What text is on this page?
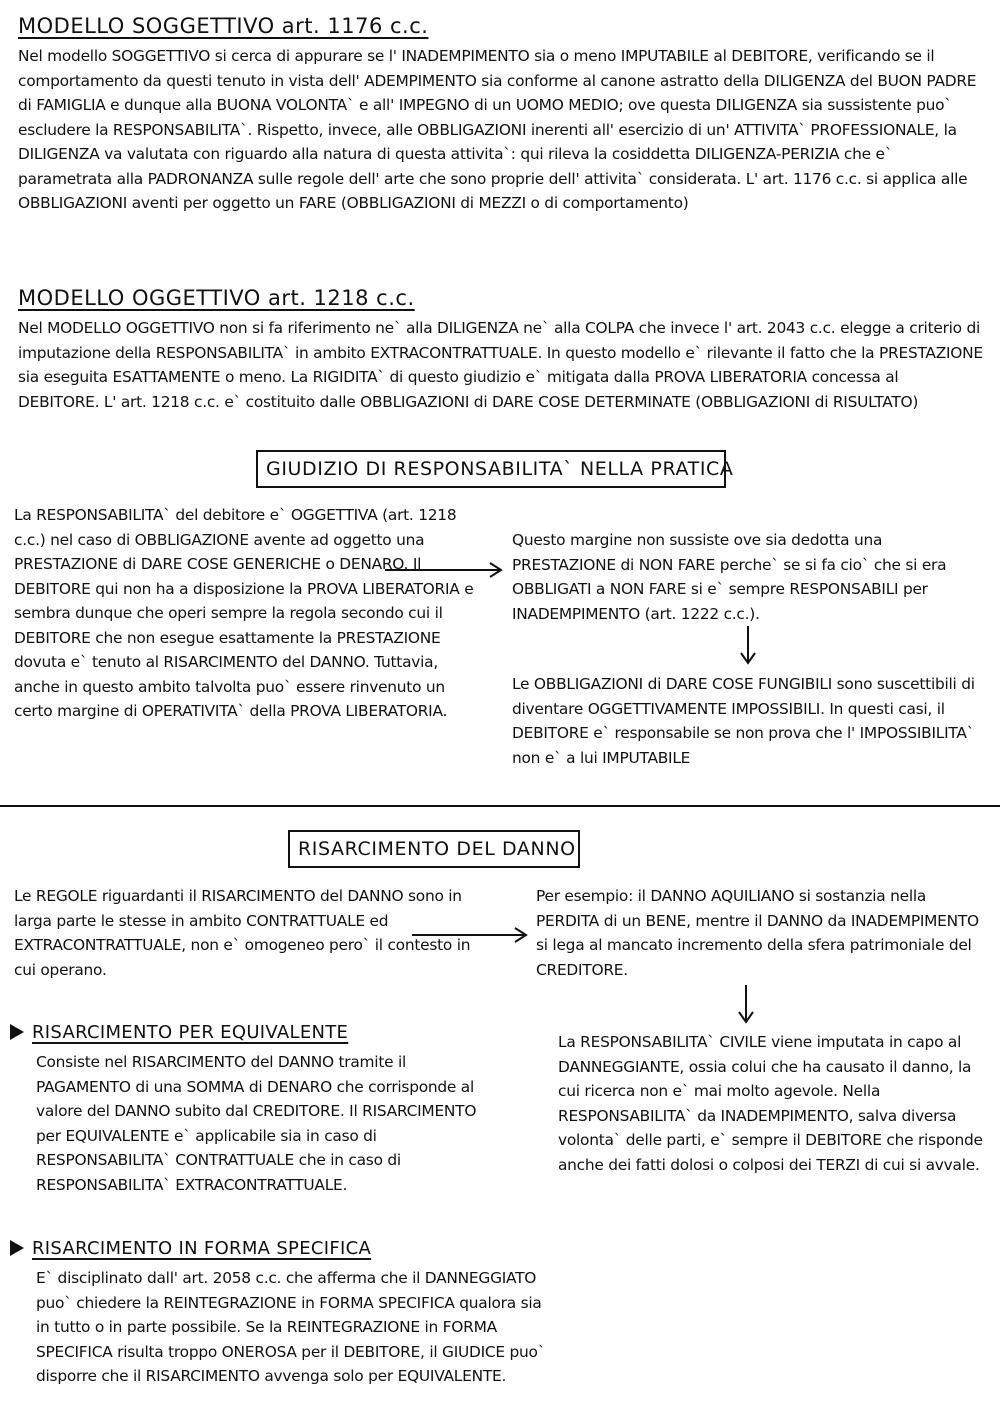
MODELLO SOGGETTIVO art. 1176 c.c.
Nel modello SOGGETTIVO si cerca di appurare se l' INADEMPIMENTO sia o meno IMPUTABILE al DEBITORE, verificando se il comportamento da questi tenuto in vista dell' ADEMPIMENTO sia conforme al canone astratto della DILIGENZA del BUON PADRE di FAMIGLIA e dunque alla BUONA VOLONTA` e all' IMPEGNO di un UOMO MEDIO; ove questa DILIGENZA sia sussistente puo` escludere la RESPONSABILITA`. Rispetto, invece, alle OBBLIGAZIONI inerenti all' esercizio di un' ATTIVITA` PROFESSIONALE, la DILIGENZA va valutata con riguardo alla natura di questa attivita`: qui rileva la cosiddetta DILIGENZA-PERIZIA che e` parametrata alla PADRONANZA sulle regole dell' arte che sono proprie dell' attivita` considerata. L' art. 1176 c.c. si applica alle OBBLIGAZIONI aventi per oggetto un FARE (OBBLIGAZIONI di MEZZI o di comportamento)
MODELLO OGGETTIVO art. 1218 c.c.
Nel MODELLO OGGETTIVO non si fa riferimento ne` alla DILIGENZA ne` alla COLPA che invece l' art. 2043 c.c. elegge a criterio di imputazione della RESPONSABILITA` in ambito EXTRACONTRATTUALE. In questo modello e` rilevante il fatto che la PRESTAZIONE sia eseguita ESATTAMENTE o meno. La RIGIDITA` di questo giudizio e` mitigata dalla PROVA LIBERATORIA concessa al DEBITORE. L' art. 1218 c.c. e` costituito dalle OBBLIGAZIONI di DARE COSE DETERMINATE (OBBLIGAZIONI di RISULTATO)
GIUDIZIO DI RESPONSABILITA` NELLA PRATICA
La RESPONSABILITA` del debitore e` OGGETTIVA (art. 1218 c.c.) nel caso di OBBLIGAZIONE avente ad oggetto una PRESTAZIONE di DARE COSE GENERICHE o DENARO. Il DEBITORE qui non ha a disposizione la PROVA LIBERATORIA e sembra dunque che operi sempre la regola secondo cui il DEBITORE che non esegue esattamente la PRESTAZIONE dovuta e` tenuto al RISARCIMENTO del DANNO. Tuttavia, anche in questo ambito talvolta puo` essere rinvenuto un certo margine di OPERATIVITA` della PROVA LIBERATORIA.
Questo margine non sussiste ove sia dedotta una PRESTAZIONE di NON FARE perche` se si fa cio` che si era OBBLIGATI a NON FARE si e` sempre RESPONSABILI per INADEMPIMENTO (art. 1222 c.c.).
Le OBBLIGAZIONI di DARE COSE FUNGIBILI sono suscettibili di diventare OGGETTIVAMENTE IMPOSSIBILI. In questi casi, il DEBITORE e` responsabile se non prova che l' IMPOSSIBILITA` non e` a lui IMPUTABILE
RISARCIMENTO DEL DANNO
Le REGOLE riguardanti il RISARCIMENTO del DANNO sono in larga parte le stesse in ambito CONTRATTUALE ed EXTRACONTRATTUALE, non e` omogeneo pero` il contesto in cui operano.
Per esempio: il DANNO AQUILIANO si sostanzia nella PERDITA di un BENE, mentre il DANNO da INADEMPIMENTO si lega al mancato incremento della sfera patrimoniale del CREDITORE.
La RESPONSABILITA` CIVILE viene imputata in capo al DANNEGGIANTE, ossia colui che ha causato il danno, la cui ricerca non e` mai molto agevole. Nella RESPONSABILITA` da INADEMPIMENTO, salva diversa volonta` delle parti, e` sempre il DEBITORE che risponde anche dei fatti dolosi o colposi dei TERZI di cui si avvale.
RISARCIMENTO PER EQUIVALENTE
Consiste nel RISARCIMENTO del DANNO tramite il PAGAMENTO di una SOMMA di DENARO che corrisponde al valore del DANNO subito dal CREDITORE. Il RISARCIMENTO per EQUIVALENTE e` applicabile sia in caso di RESPONSABILITA` CONTRATTUALE che in caso di RESPONSABILITA` EXTRACONTRATTUALE.
RISARCIMENTO IN FORMA SPECIFICA
E` disciplinato dall' art. 2058 c.c. che afferma che il DANNEGGIATO puo` chiedere la REINTEGRAZIONE in FORMA SPECIFICA qualora sia in tutto o in parte possibile. Se la REINTEGRAZIONE in FORMA SPECIFICA risulta troppo ONEROSA per il DEBITORE, il GIUDICE puo` disporre che il RISARCIMENTO avvenga solo per EQUIVALENTE.
